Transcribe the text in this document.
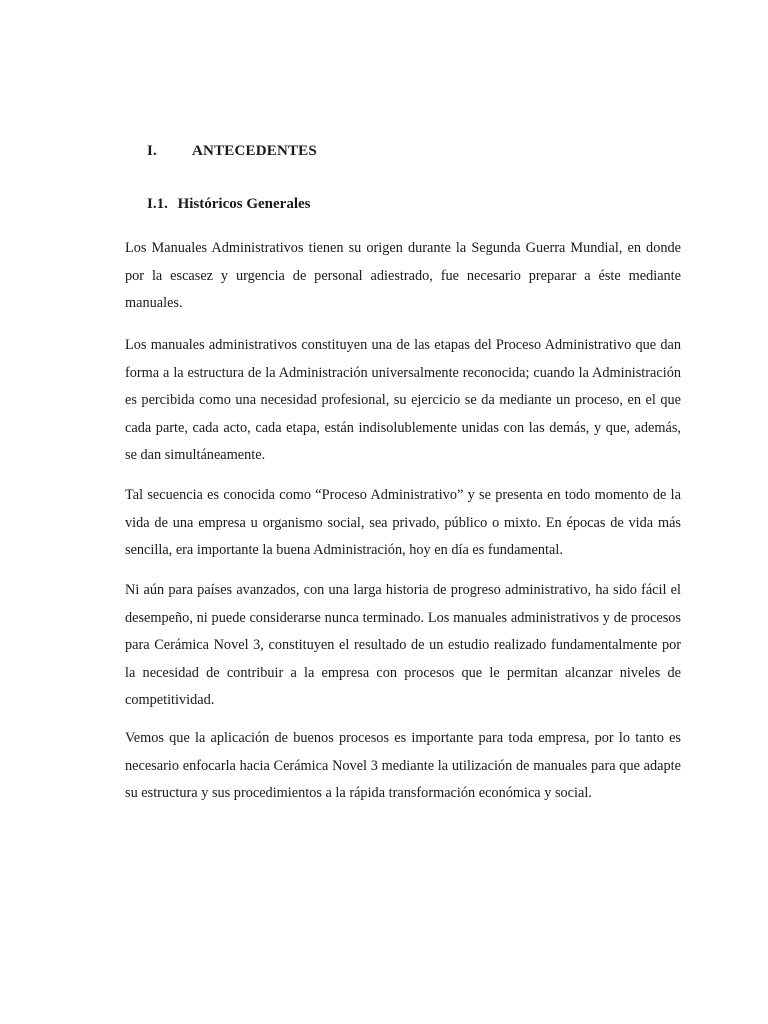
I.	ANTECEDENTES
I.1. Históricos Generales

Los Manuales Administrativos tienen su origen durante la Segunda Guerra Mundial, en donde por la escasez y urgencia de personal adiestrado, fue necesario preparar a éste mediante manuales.

Los manuales administrativos constituyen una de las etapas del Proceso Administrativo que dan forma a la estructura de la Administración universalmente reconocida; cuando la Administración es percibida como una necesidad profesional, su ejercicio se da mediante un proceso, en el que cada parte, cada acto, cada etapa, están indisolublemente unidas con las demás, y que, además, se dan simultáneamente.

Tal secuencia es conocida como “Proceso Administrativo” y se presenta en todo momento de la vida de una empresa u organismo social, sea privado, público o mixto. En épocas de vida más sencilla, era importante la buena Administración, hoy en día es fundamental.

Ni aún para países avanzados, con una larga historia de progreso administrativo, ha sido fácil el desempeño, ni puede considerarse nunca terminado. Los manuales administrativos y de procesos para Cerámica Novel 3, constituyen el resultado de un estudio realizado fundamentalmente por la necesidad de contribuir a la empresa con procesos que le permitan alcanzar niveles de competitividad.

Vemos que la aplicación de buenos procesos es importante para toda empresa, por lo tanto es necesario enfocarla hacia Cerámica Novel 3 mediante la utilización de manuales para que adapte su estructura y sus procedimientos a la rápida transformación económica y social.
